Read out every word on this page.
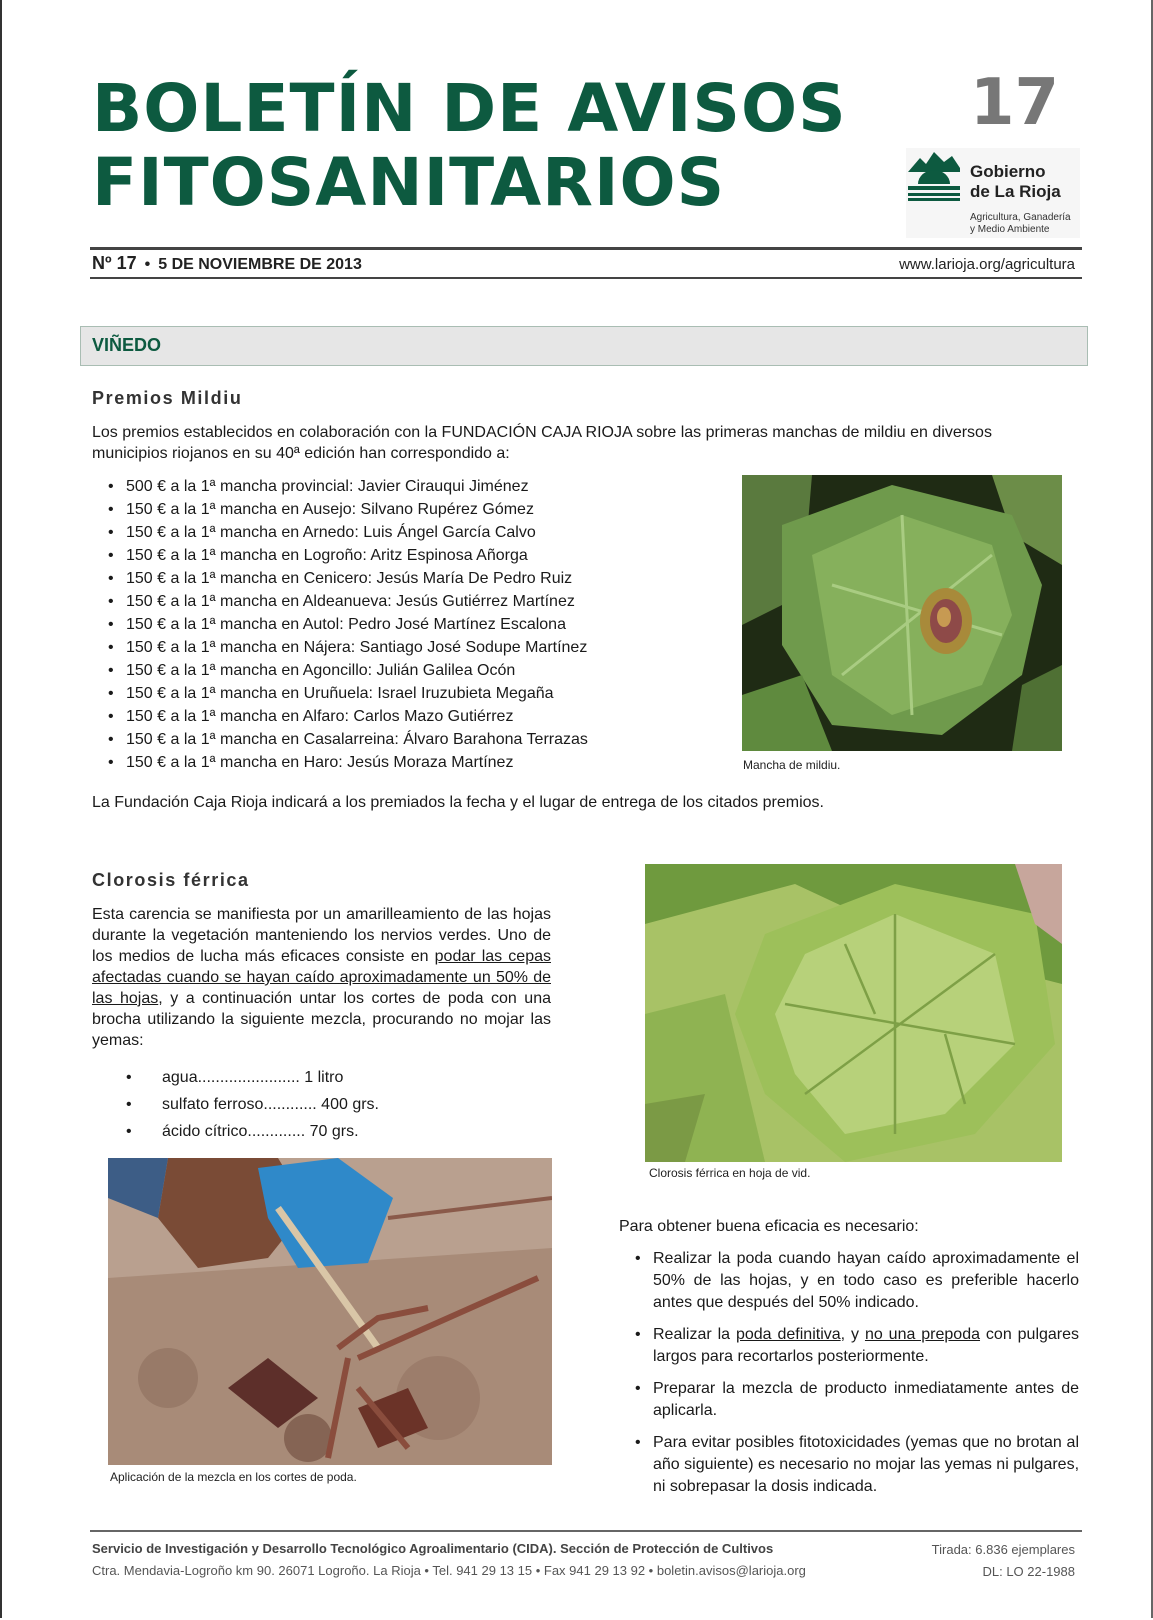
BOLETÍN DE AVISOS
FITOSANITARIOS
17
Gobierno
de La Rioja
Agricultura, Ganadería
y Medio Ambiente
Nº 17 • 5 DE NOVIEMBRE DE 2013	www.larioja.org/agricultura
VIÑEDO
Premios Mildiu

Los premios establecidos en colaboración con la FUNDACIÓN CAJA RIOJA sobre las primeras manchas de mildiu en diversos

municipios riojanos en su 40ª edición han correspondido a:

• 500 € a la 1ª mancha provincial: Javier Cirauqui Jiménez
• 150 € a la 1ª mancha en Ausejo: Silvano Rupérez Gómez
• 150 € a la 1ª mancha en Arnedo: Luis Ángel García Calvo
• 150 € a la 1ª mancha en Logroño: Aritz Espinosa Añorga
• 150 € a la 1ª mancha en Cenicero: Jesús María De Pedro Ruiz
• 150 € a la 1ª mancha en Aldeanueva: Jesús Gutiérrez Martínez
• 150 € a la 1ª mancha en Autol: Pedro José Martínez Escalona
• 150 € a la 1ª mancha en Nájera: Santiago José Sodupe Martínez
• 150 € a la 1ª mancha en Agoncillo: Julián Galilea Ocón
• 150 € a la 1ª mancha en Uruñuela: Israel Iruzubieta Megaña
• 150 € a la 1ª mancha en Alfaro: Carlos Mazo Gutiérrez
• 150 € a la 1ª mancha en Casalarreina: Álvaro Barahona Terrazas
• 150 € a la 1ª mancha en Haro: Jesús Moraza Martínez	Mancha de mildiu.

La Fundación Caja Rioja indicará a los premiados la fecha y el lugar de entrega de los citados premios.

Clorosis férrica

Esta carencia se manifiesta por un amarilleamiento de las hojas durante la vegetación manteniendo los nervios verdes. Uno de los medios de lucha más eficaces consiste en podar las cepas afectadas cuando se hayan caído aproximadamente un 50% de las hojas, y a continuación untar los cortes de poda con una brocha utilizando la siguiente mezcla, procurando no mojar las yemas:

• agua....................... 1 litro
• sulfato ferroso............ 400 grs.
• ácido cítrico............. 70 grs.
Aplicación de la mezcla en los cortes de poda.
Clorosis férrica en hoja de vid.

Para obtener buena eficacia es necesario:

• Realizar la poda cuando hayan caído aproximadamente el 50% de las hojas, y en todo caso es preferible hacerlo antes que después del 50% indicado.
• Realizar la poda definitiva, y no una prepoda con pulgares largos para recortarlos posteriormente.
• Preparar la mezcla de producto inmediatamente antes de aplicarla.
• Para evitar posibles fitotoxicidades (yemas que no brotan al año siguiente) es necesario no mojar las yemas ni pulgares, ni sobrepasar la dosis indicada.
Servicio de Investigación y Desarrollo Tecnológico Agroalimentario (CIDA). Sección de Protección de Cultivos
Ctra. Mendavia-Logroño km 90. 26071 Logroño. La Rioja • Tel. 941 29 13 15 • Fax 941 29 13 92 • boletin.avisos@larioja.org
Tirada: 6.836 ejemplares
DL: LO 22-1988
